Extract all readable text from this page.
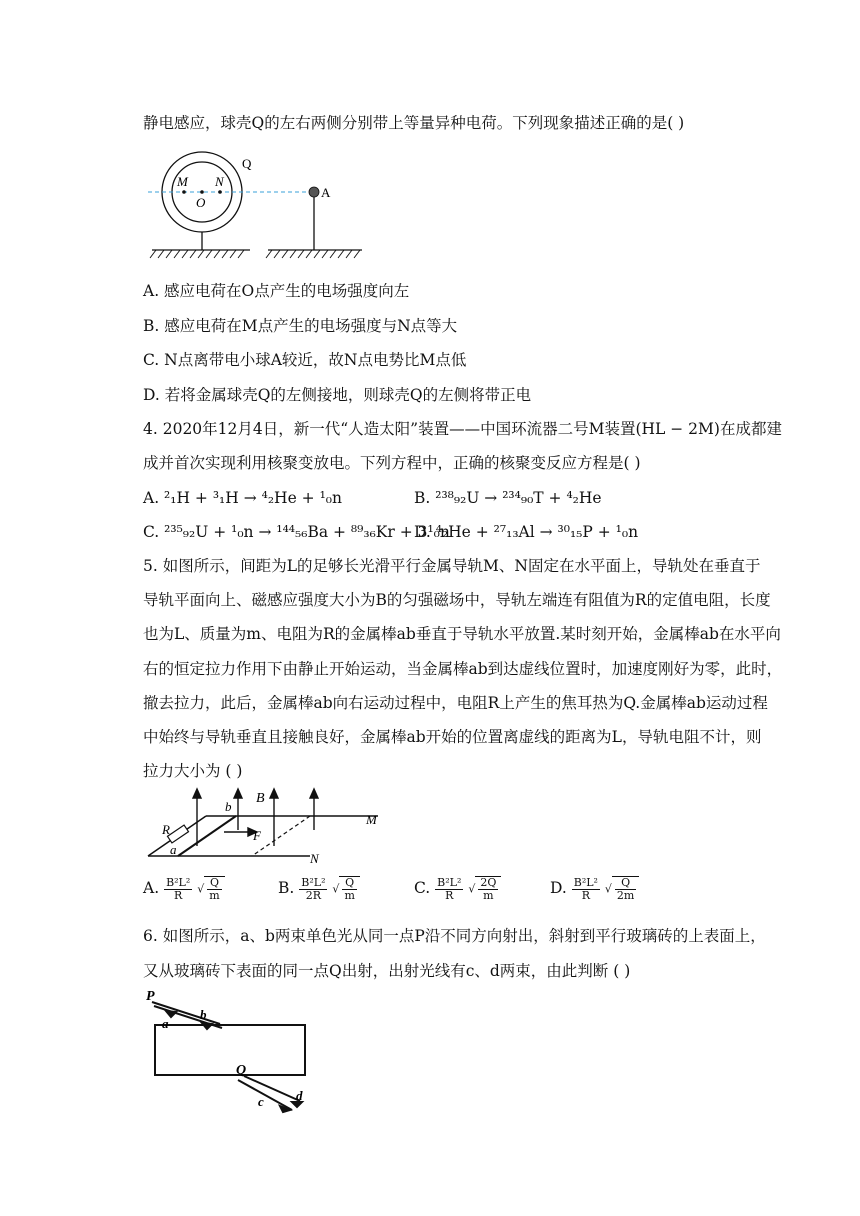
静电感应，球壳Q的左右两侧分别带上等量异种电荷。下列现象描述正确的是( )
M N
O
Q
A
A. 感应电荷在O点产生的电场强度向左
B. 感应电荷在M点产生的电场强度与N点等大
C. N点离带电小球A较近，故N点电势比M点低
D. 若将金属球壳Q的左侧接地，则球壳Q的左侧将带正电
4. 2020年12月4日，新一代“人造太阳”装置——中国环流器二号M装置(HL − 2M)在成都建
成并首次实现利用核聚变放电。下列方程中，正确的核聚变反应方程是( )
A. ²₁H + ³₁H → ⁴₂He + ¹₀n	B. ²³⁸₉₂U → ²³⁴₉₀T + ⁴₂He
C. ²³⁵₉₂U + ¹₀n → ¹⁴⁴₅₆Ba + ⁸⁹₃₆Kr + 3¹₀n
D. ⁴₂He + ²⁷₁₃Al → ³⁰₁₅P + ¹₀n
5. 如图所示，间距为L的足够长光滑平行金属导轨M、N固定在水平面上，导轨处在垂直于
导轨平面向上、磁感应强度大小为B的匀强磁场中，导轨左端连有阻值为R的定值电阻，长度
也为L、质量为m、电阻为R的金属棒ab垂直于导轨水平放置.某时刻开始，金属棒ab在水平向
右的恒定拉力作用下由静止开始运动，当金属棒ab到达虚线位置时，加速度刚好为零，此时，
撤去拉力，此后，金属棒ab向右运动过程中，电阻R上产生的焦耳热为Q.金属棒ab运动过程
中始终与导轨垂直且接触良好，金属棒ab开始的位置离虚线的距离为L，导轨电阻不计，则
拉力大小为 ( )
B
b
R
a
F
M
N
A. $\frac{\text{B²L²}}{R}$ √ $\frac{Q}{m}$	B. $\frac{\text{B²L²}}{2R}$ √ $\frac{Q}{m}$	C. $\frac{\text{B²L²}}{R}$ √ $\frac{2Q}{m}$	D. $\frac{\text{B²L²}}{R}$ √ $\frac{Q}{2m}$
6. 如图所示，a、b两束单色光从同一点P沿不同方向射出，斜射到平行玻璃砖的上表面上，
又从玻璃砖下表面的同一点Q出射，出射光线有c、d两束，由此判断 ( )
P
a
b
Q
c d
